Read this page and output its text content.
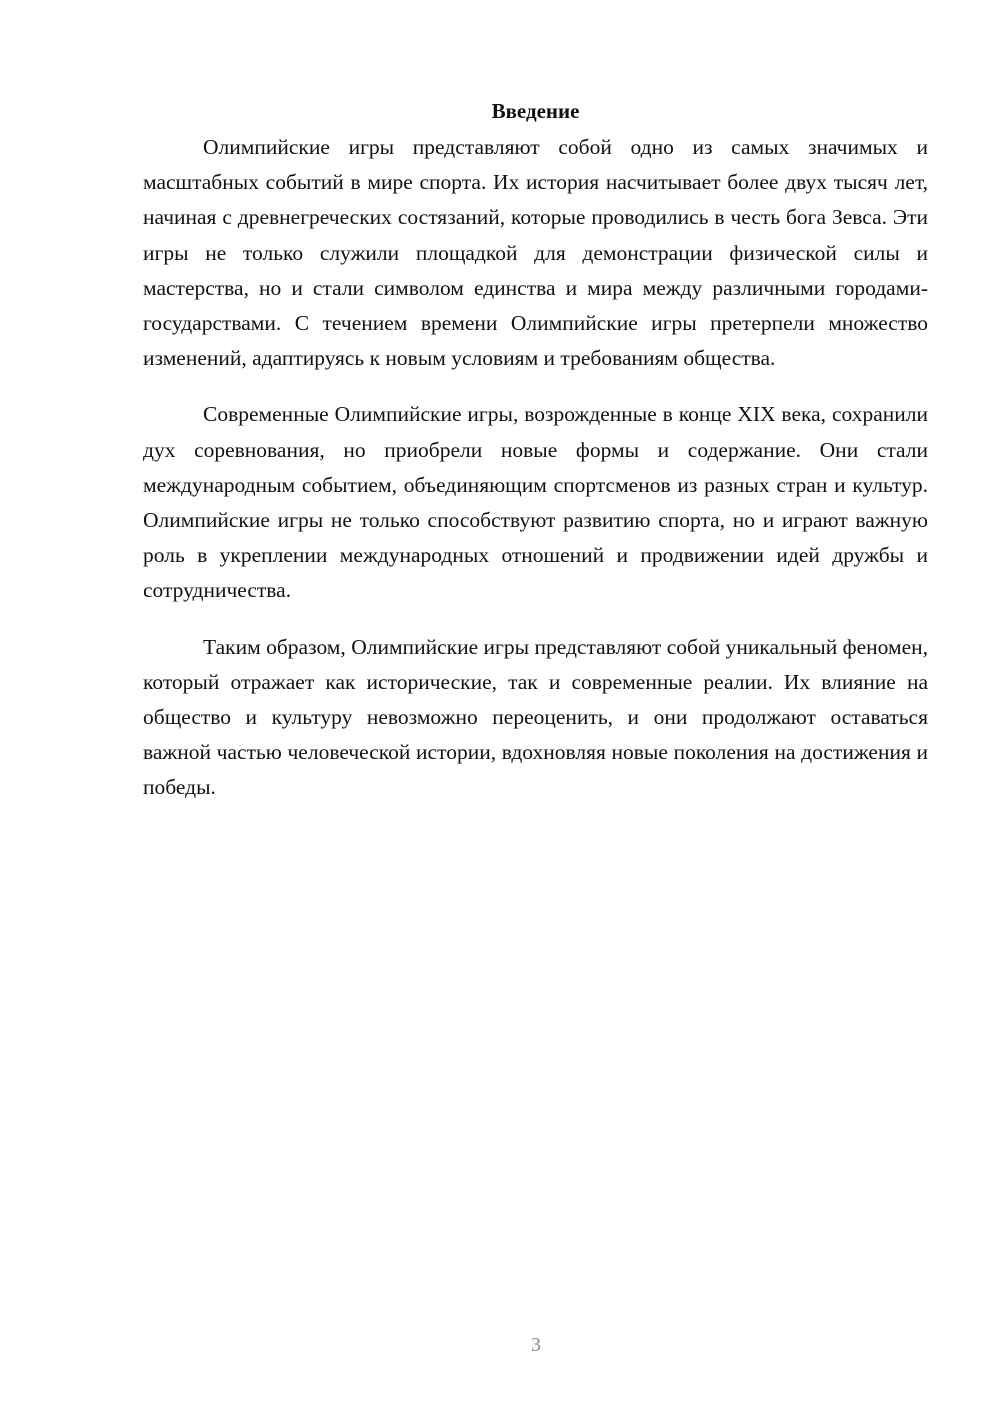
Введение

Олимпийские игры представляют собой одно из самых значимых и масштабных событий в мире спорта. Их история насчитывает более двух тысяч лет, начиная с древнегреческих состязаний, которые проводились в честь бога Зевса. Эти игры не только служили площадкой для демонстрации физической силы и мастерства, но и стали символом единства и мира между различными городами-государствами. С течением времени Олимпийские игры претерпели множество изменений, адаптируясь к новым условиям и требованиям общества.

Современные Олимпийские игры, возрожденные в конце XIX века, сохранили дух соревнования, но приобрели новые формы и содержание. Они стали международным событием, объединяющим спортсменов из разных стран и культур. Олимпийские игры не только способствуют развитию спорта, но и играют важную роль в укреплении международных отношений и продвижении идей дружбы и сотрудничества.

Таким образом, Олимпийские игры представляют собой уникальный феномен, который отражает как исторические, так и современные реалии. Их влияние на общество и культуру невозможно переоценить, и они продолжают оставаться важной частью человеческой истории, вдохновляя новые поколения на достижения и победы.

3
